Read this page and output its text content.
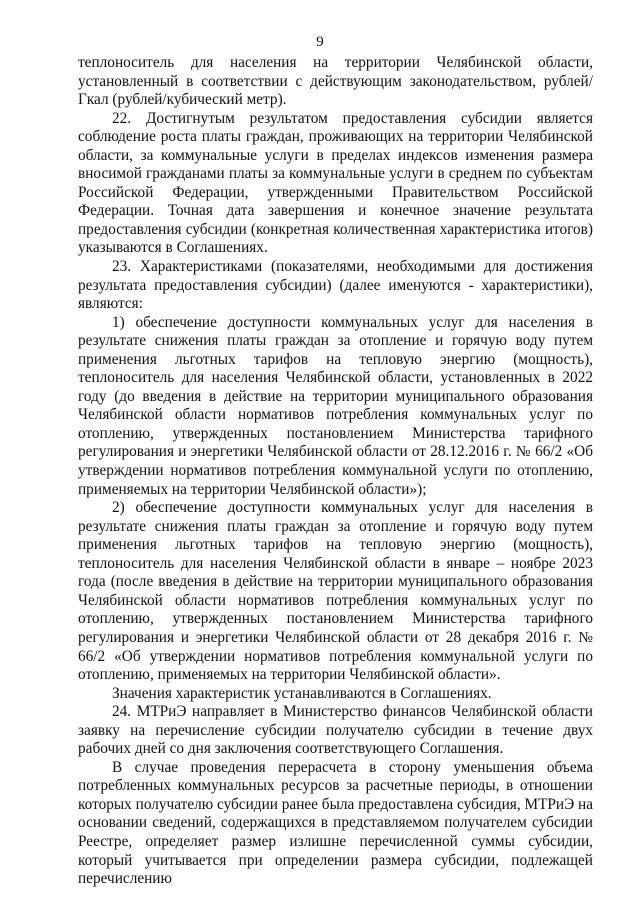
9

теплоноситель для населения на территории Челябинской области, установленный в соответствии с действующим законодательством, рублей/Гкал (рублей/кубический метр).

22. Достигнутым результатом предоставления субсидии является соблюдение роста платы граждан, проживающих на территории Челябинской области, за коммунальные услуги в пределах индексов изменения размера вносимой гражданами платы за коммунальные услуги в среднем по субъектам Российской Федерации, утвержденными Правительством Российской Федерации. Точная дата завершения и конечное значение результата предоставления субсидии (конкретная количественная характеристика итогов) указываются в Соглашениях.

23. Характеристиками (показателями, необходимыми для достижения результата предоставления субсидии) (далее именуются - характеристики), являются:

1) обеспечение доступности коммунальных услуг для населения в результате снижения платы граждан за отопление и горячую воду путем применения льготных тарифов на тепловую энергию (мощность), теплоноситель для населения Челябинской области, установленных в 2022 году (до введения в действие на территории муниципального образования Челябинской области нормативов потребления коммунальных услуг по отоплению, утвержденных постановлением Министерства тарифного регулирования и энергетики Челябинской области от 28.12.2016 г. № 66/2 «Об утверждении нормативов потребления коммунальной услуги по отоплению, применяемых на территории Челябинской области»);

2) обеспечение доступности коммунальных услуг для населения в результате снижения платы граждан за отопление и горячую воду путем применения льготных тарифов на тепловую энергию (мощность), теплоноситель для населения Челябинской области в январе – ноябре 2023 года (после введения в действие на территории муниципального образования Челябинской области нормативов потребления коммунальных услуг по отоплению, утвержденных постановлением Министерства тарифного регулирования и энергетики Челябинской области от 28 декабря 2016 г. № 66/2 «Об утверждении нормативов потребления коммунальной услуги по отоплению, применяемых на территории Челябинской области».

Значения характеристик устанавливаются в Соглашениях.

24. МТРиЭ направляет в Министерство финансов Челябинской области заявку на перечисление субсидии получателю субсидии в течение двух рабочих дней со дня заключения соответствующего Соглашения.

В случае проведения перерасчета в сторону уменьшения объема потребленных коммунальных ресурсов за расчетные периоды, в отношении которых получателю субсидии ранее была предоставлена субсидия, МТРиЭ на основании сведений, содержащихся в представляемом получателем субсидии Реестре, определяет размер излишне перечисленной суммы субсидии, который учитывается при определении размера субсидии, подлежащей перечислению
